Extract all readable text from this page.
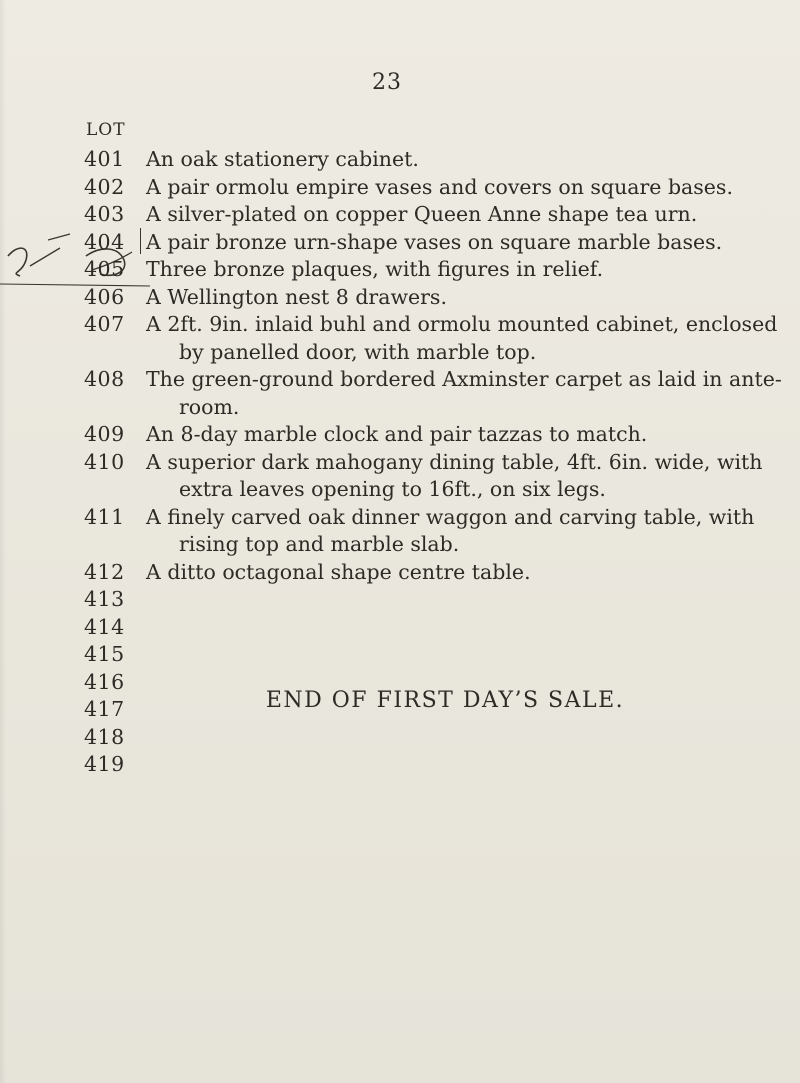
23
LOT
401 An oak stationery cabinet.
402 A pair ormolu empire vases and covers on square bases.
403 A silver-plated on copper Queen Anne shape tea urn.
404 A pair bronze urn-shape vases on square marble bases.
405 Three bronze plaques, with figures in relief.
406 A Wellington nest 8 drawers.
407 A 2ft. 9in. inlaid buhl and ormolu mounted cabinet, enclosed
by panelled door, with marble top.
408 The green-ground bordered Axminster carpet as laid in ante-
room.
409 An 8-day marble clock and pair tazzas to match.
410 A superior dark mahogany dining table, 4ft. 6in. wide, with
extra leaves opening to 16ft., on six legs.
411 A finely carved oak dinner waggon and carving table, with
rising top and marble slab.
412 A ditto octagonal shape centre table.
413
414
415
416
417
418
419
END OF FIRST DAY’S SALE.
